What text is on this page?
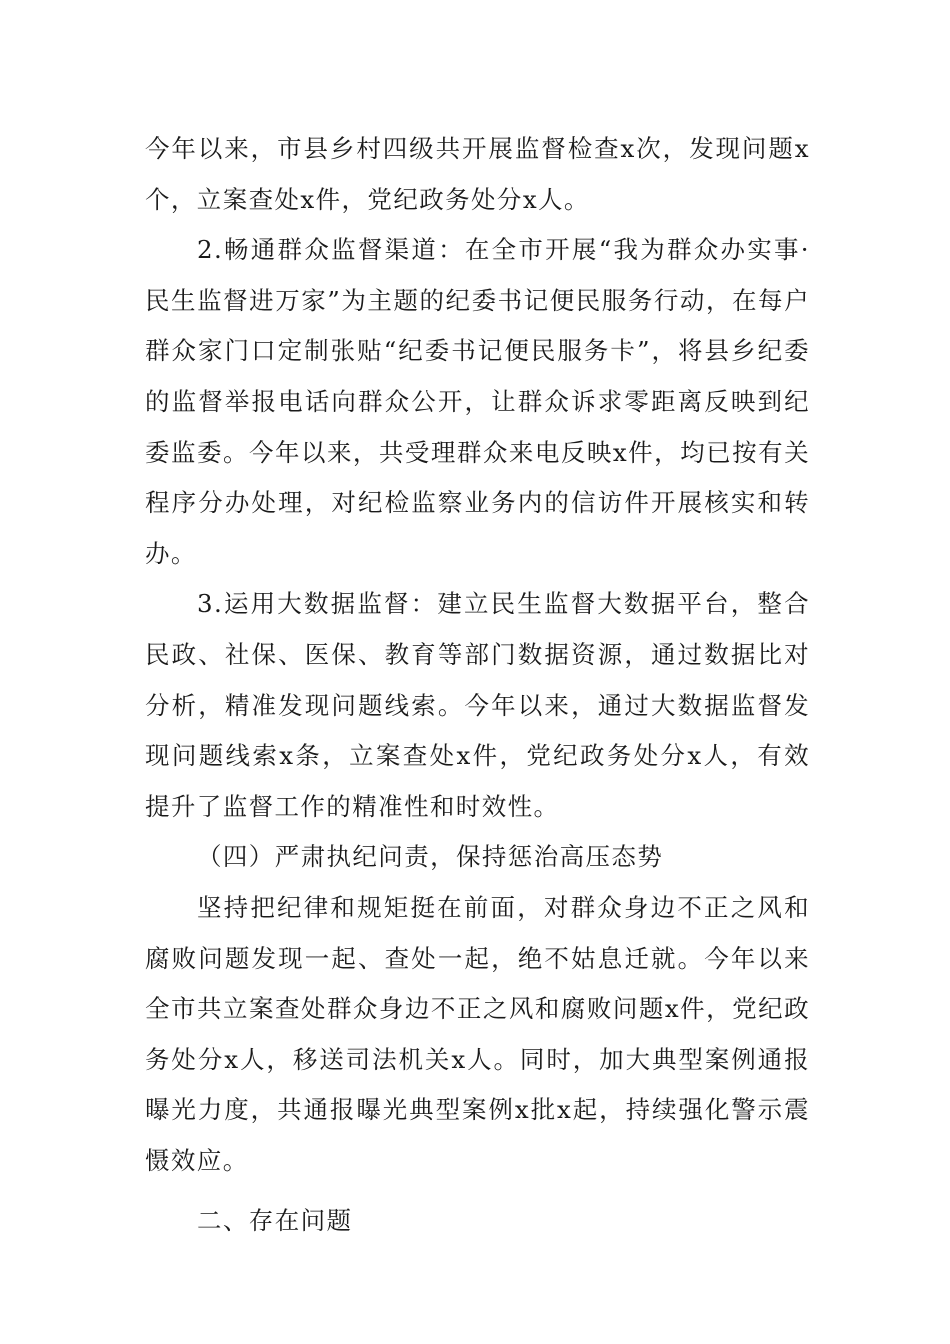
今年以来，市县乡村四级共开展监督检查x次，发现问题x个，立案查处x件，党纪政务处分x人。

2.畅通群众监督渠道：在全市开展“我为群众办实事·民生监督进万家”为主题的纪委书记便民服务行动，在每户群众家门口定制张贴“纪委书记便民服务卡”，将县乡纪委的监督举报电话向群众公开，让群众诉求零距离反映到纪委监委。今年以来，共受理群众来电反映x件，均已按有关程序分办处理，对纪检监察业务内的信访件开展核实和转办。

3.运用大数据监督：建立民生监督大数据平台，整合民政、社保、医保、教育等部门数据资源，通过数据比对分析，精准发现问题线索。今年以来，通过大数据监督发现问题线索x条，立案查处x件，党纪政务处分x人，有效提升了监督工作的精准性和时效性。

（四）严肃执纪问责，保持惩治高压态势

坚持把纪律和规矩挺在前面，对群众身边不正之风和腐败问题发现一起、查处一起，绝不姑息迁就。今年以来全市共立案查处群众身边不正之风和腐败问题x件，党纪政务处分x人，移送司法机关x人。同时，加大典型案例通报曝光力度，共通报曝光典型案例x批x起，持续强化警示震慑效应。

二、存在问题
